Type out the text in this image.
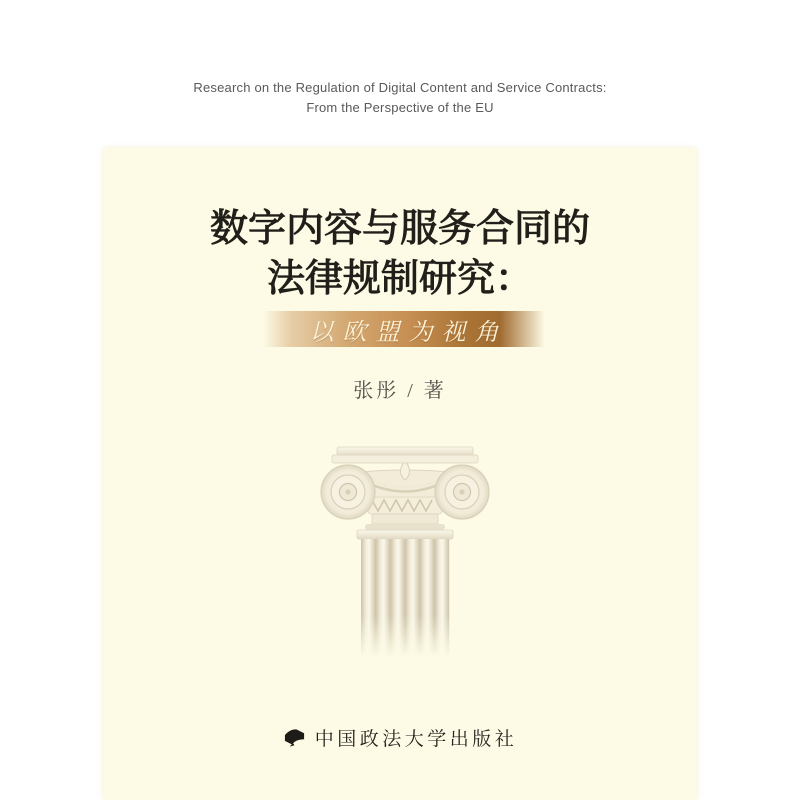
Research on the Regulation of Digital Content and Service Contracts:
From the Perspective of the EU
数字内容与服务合同的
法律规制研究：
以欧盟为视角
张彤 / 著
中国政法大学出版社
